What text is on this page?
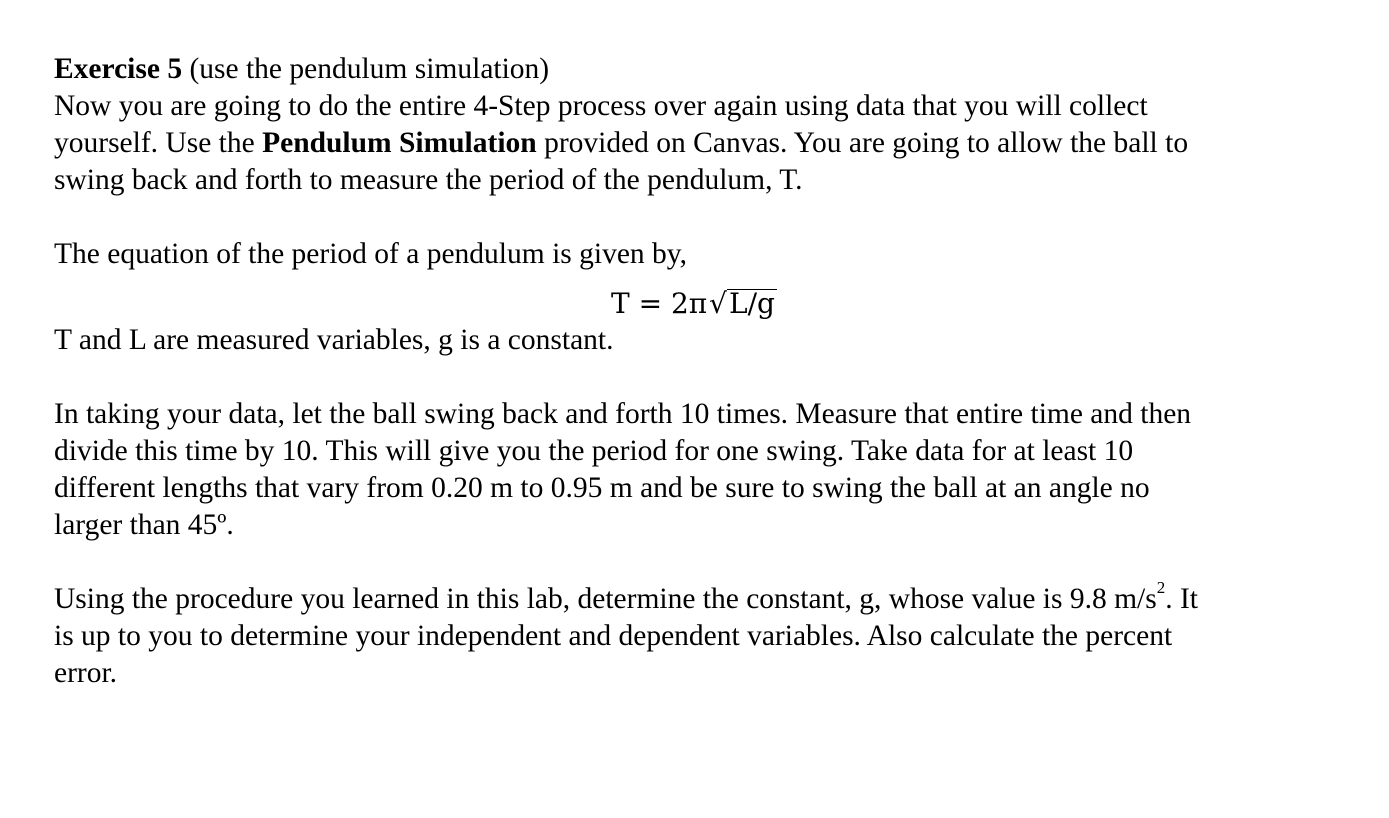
Exercise 5 (use the pendulum simulation)
Now you are going to do the entire 4-Step process over again using data that you will collect
yourself. Use the Pendulum Simulation provided on Canvas. You are going to allow the ball to
swing back and forth to measure the period of the pendulum, T.
The equation of the period of a pendulum is given by,
T = 2π √ L/g
T and L are measured variables, g is a constant.
In taking your data, let the ball swing back and forth 10 times. Measure that entire time and then
divide this time by 10. This will give you the period for one swing. Take data for at least 10
different lengths that vary from 0.20 m to 0.95 m and be sure to swing the ball at an angle no
larger than 45º.
Using the procedure you learned in this lab, determine the constant, g, whose value is 9.8 $m/s^2$. It
is up to you to determine your independent and dependent variables. Also calculate the percent
error.
